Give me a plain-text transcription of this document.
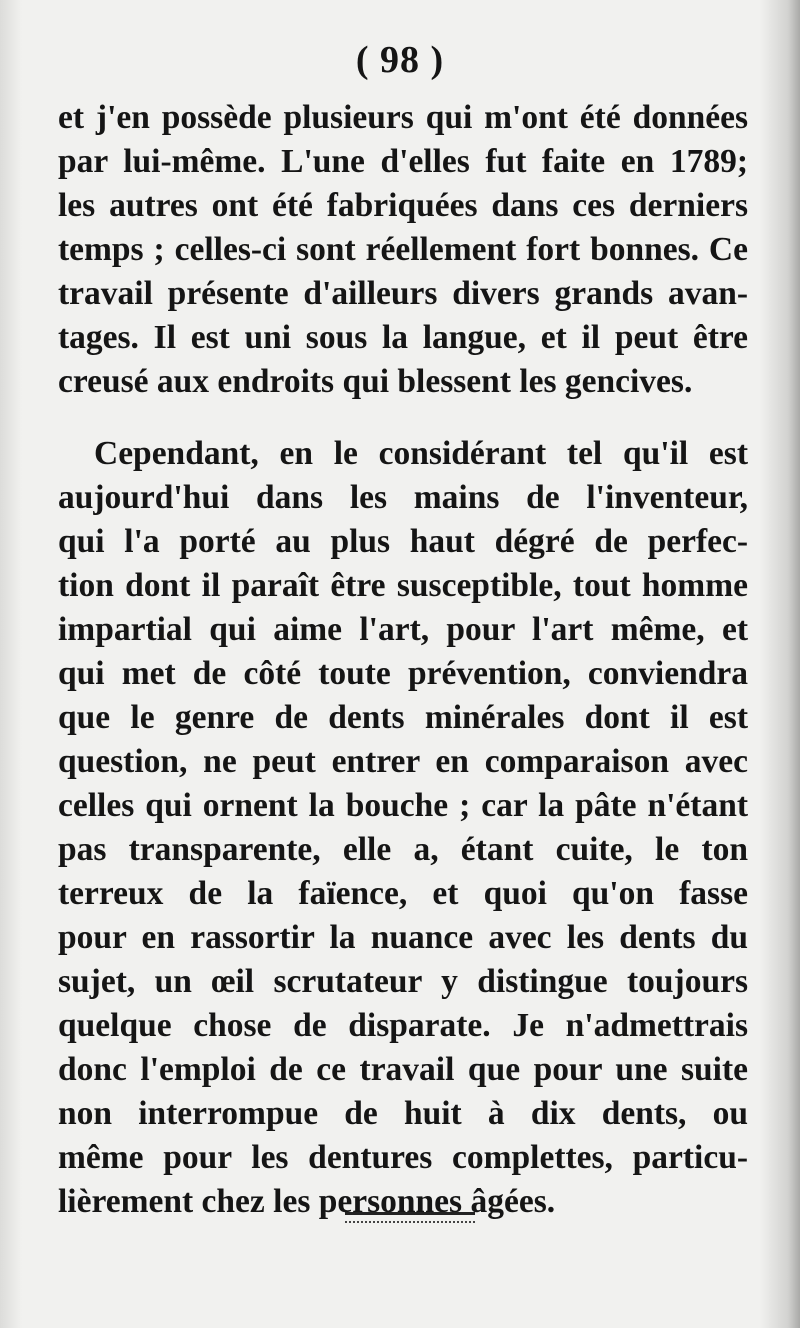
( 98 )
et j'en possède plusieurs qui m'ont été données
par lui-même. L'une d'elles fut faite en 1789;
les autres ont été fabriquées dans ces derniers
temps ; celles-ci sont réellement fort bonnes. Ce
travail présente d'ailleurs divers grands avan-
tages. Il est uni sous la langue, et il peut être
creusé aux endroits qui blessent les gencives.
Cependant, en le considérant tel qu'il est
aujourd'hui dans les mains de l'inventeur,
qui l'a porté au plus haut dégré de perfec-
tion dont il paraît être susceptible, tout homme
impartial qui aime l'art, pour l'art même, et
qui met de côté toute prévention, conviendra
que le genre de dents minérales dont il est
question, ne peut entrer en comparaison avec
celles qui ornent la bouche ; car la pâte n'étant
pas transparente, elle a, étant cuite, le ton
terreux de la faïence, et quoi qu'on fasse
pour en rassortir la nuance avec les dents du
sujet, un œil scrutateur y distingue toujours
quelque chose de disparate. Je n'admettrais
donc l'emploi de ce travail que pour une suite
non interrompue de huit à dix dents, ou
même pour les dentures complettes, particu-
lièrement chez les personnes âgées.
